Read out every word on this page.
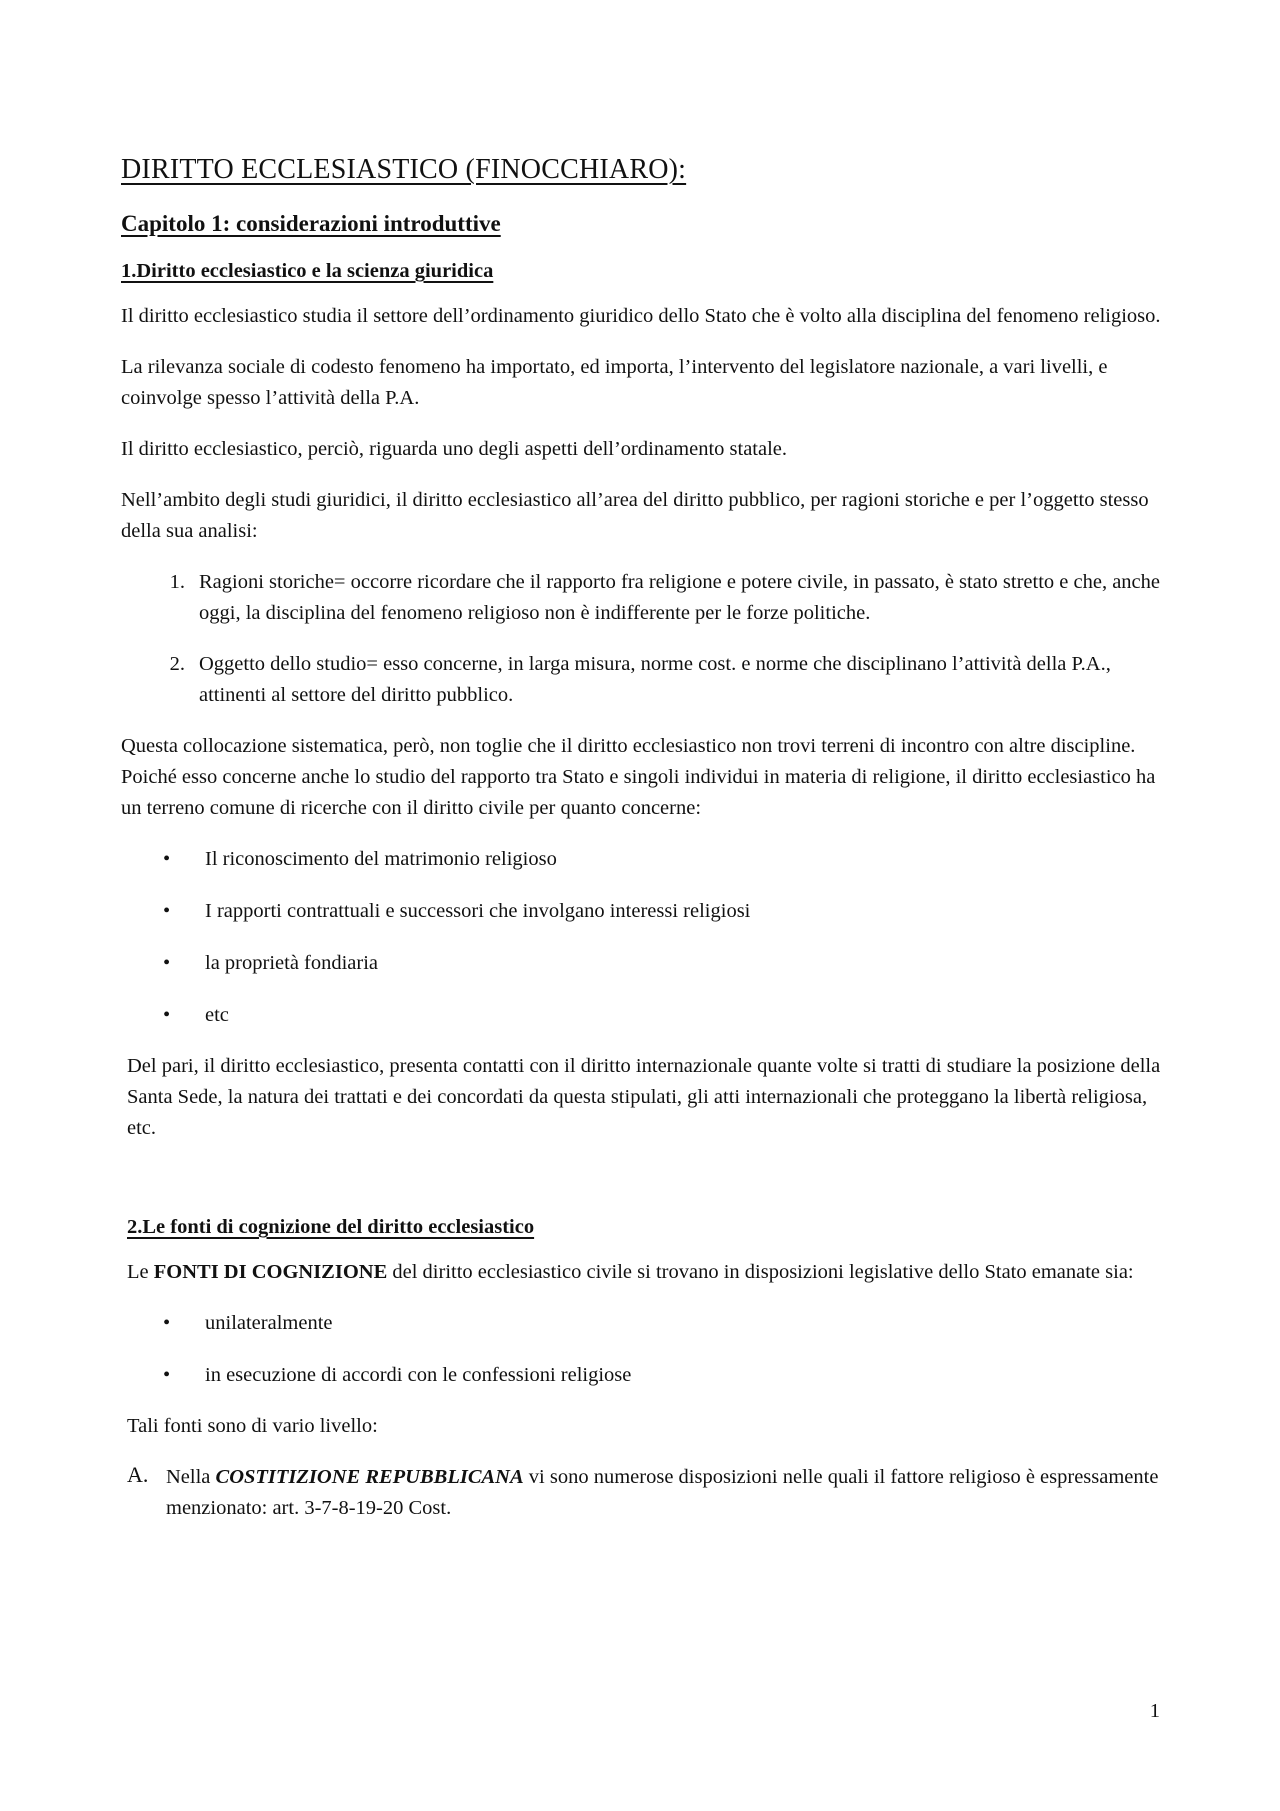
DIRITTO ECCLESIASTICO (FINOCCHIARO):
Capitolo 1: considerazioni introduttive
1.Diritto ecclesiastico e la scienza giuridica

Il diritto ecclesiastico studia il settore dell’ordinamento giuridico dello Stato che è volto alla disciplina del fenomeno religioso.

La rilevanza sociale di codesto fenomeno ha importato, ed importa, l’intervento del legislatore nazionale, a vari livelli, e coinvolge spesso l’attività della P.A.

Il diritto ecclesiastico, perciò, riguarda uno degli aspetti dell’ordinamento statale.

Nell’ambito degli studi giuridici, il diritto ecclesiastico all’area del diritto pubblico, per ragioni storiche e per l’oggetto stesso della sua analisi:

1. Ragioni storiche= occorre ricordare che il rapporto fra religione e potere civile, in passato, è stato stretto e che, anche oggi, la disciplina del fenomeno religioso non è indifferente per le forze politiche.
2. Oggetto dello studio= esso concerne, in larga misura, norme cost. e norme che disciplinano l’attività della P.A., attinenti al settore del diritto pubblico.

Questa collocazione sistematica, però, non toglie che il diritto ecclesiastico non trovi terreni di incontro con altre discipline. Poiché esso concerne anche lo studio del rapporto tra Stato e singoli individui in materia di religione, il diritto ecclesiastico ha un terreno comune di ricerche con il diritto civile per quanto concerne:

• Il riconoscimento del matrimonio religioso
• I rapporti contrattuali e successori che involgano interessi religiosi
• la proprietà fondiaria
• etc

Del pari, il diritto ecclesiastico, presenta contatti con il diritto internazionale quante volte si tratti di studiare la posizione della Santa Sede, la natura dei trattati e dei concordati da questa stipulati, gli atti internazionali che proteggano la libertà religiosa, etc.

2.Le fonti di cognizione del diritto ecclesiastico

Le FONTI DI COGNIZIONE del diritto ecclesiastico civile si trovano in disposizioni legislative dello Stato emanate sia:

• unilateralmente
• in esecuzione di accordi con le confessioni religiose

Tali fonti sono di vario livello:

A. Nella COSTITIZIONE REPUBBLICANA vi sono numerose disposizioni nelle quali il fattore religioso è espressamente menzionato: art. 3-7-8-19-20 Cost.
1
